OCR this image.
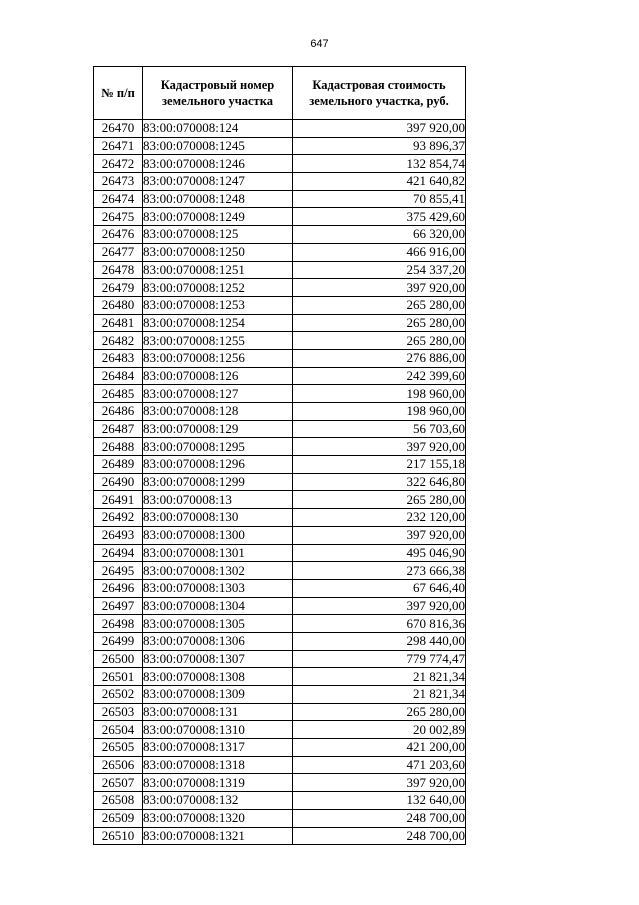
647
№ п/п	Кадастровый номер земельного участка	Кадастровая стоимость земельного участка, руб.
26470	83:00:070008:124	397 920,00
26471	83:00:070008:1245	93 896,37
26472	83:00:070008:1246	132 854,74
26473	83:00:070008:1247	421 640,82
26474	83:00:070008:1248	70 855,41
26475	83:00:070008:1249	375 429,60
26476	83:00:070008:125	66 320,00
26477	83:00:070008:1250	466 916,00
26478	83:00:070008:1251	254 337,20
26479	83:00:070008:1252	397 920,00
26480	83:00:070008:1253	265 280,00
26481	83:00:070008:1254	265 280,00
26482	83:00:070008:1255	265 280,00
26483	83:00:070008:1256	276 886,00
26484	83:00:070008:126	242 399,60
26485	83:00:070008:127	198 960,00
26486	83:00:070008:128	198 960,00
26487	83:00:070008:129	56 703,60
26488	83:00:070008:1295	397 920,00
26489	83:00:070008:1296	217 155,18
26490	83:00:070008:1299	322 646,80
26491	83:00:070008:13	265 280,00
26492	83:00:070008:130	232 120,00
26493	83:00:070008:1300	397 920,00
26494	83:00:070008:1301	495 046,90
26495	83:00:070008:1302	273 666,38
26496	83:00:070008:1303	67 646,40
26497	83:00:070008:1304	397 920,00
26498	83:00:070008:1305	670 816,36
26499	83:00:070008:1306	298 440,00
26500	83:00:070008:1307	779 774,47
26501	83:00:070008:1308	21 821,34
26502	83:00:070008:1309	21 821,34
26503	83:00:070008:131	265 280,00
26504	83:00:070008:1310	20 002,89
26505	83:00:070008:1317	421 200,00
26506	83:00:070008:1318	471 203,60
26507	83:00:070008:1319	397 920,00
26508	83:00:070008:132	132 640,00
26509	83:00:070008:1320	248 700,00
26510	83:00:070008:1321	248 700,00
